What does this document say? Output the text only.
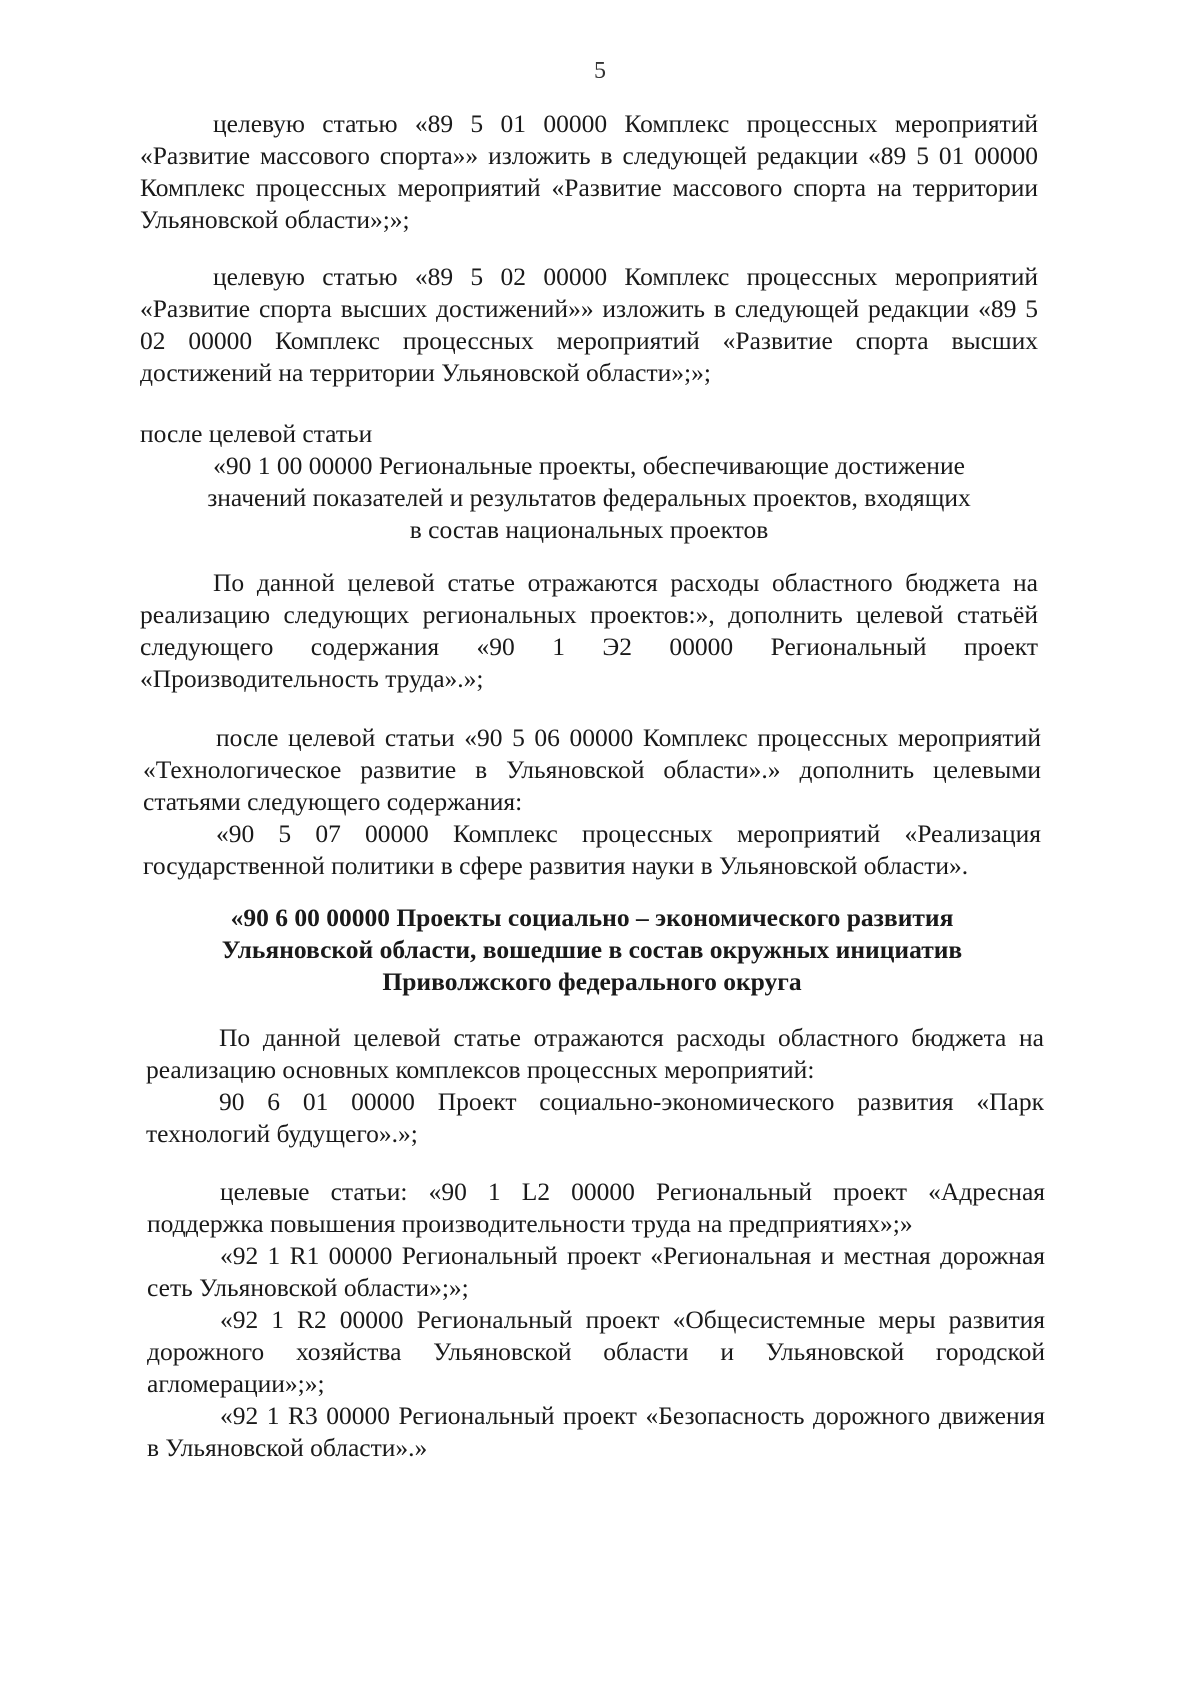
5

целевую статью «89 5 01 00000 Комплекс процессных мероприятий «Развитие массового спорта»» изложить в следующей редакции «89 5 01 00000 Комплекс процессных мероприятий «Развитие массового спорта на территории Ульяновской области»;»;

целевую статью «89 5 02 00000 Комплекс процессных мероприятий «Развитие спорта высших достижений»» изложить в следующей редакции «89 5 02 00000 Комплекс процессных мероприятий «Развитие спорта высших достижений на территории Ульяновской области»;»;

после целевой статьи

«90 1 00 00000 Региональные проекты, обеспечивающие достижение

значений показателей и результатов федеральных проектов, входящих

в состав национальных проектов

По данной целевой статье отражаются расходы областного бюджета на реализацию следующих региональных проектов:», дополнить целевой статьёй следующего содержания «90 1 Э2 00000 Региональный проект «Производительность труда».»;

после целевой статьи «90 5 06 00000 Комплекс процессных мероприятий «Технологическое развитие в Ульяновской области».» дополнить целевыми статьями следующего содержания:

«90 5 07 00000 Комплекс процессных мероприятий «Реализация государственной политики в сфере развития науки в Ульяновской области».

«90 6 00 00000 Проекты социально – экономического развития

Ульяновской области, вошедшие в состав окружных инициатив

Приволжского федерального округа

По данной целевой статье отражаются расходы областного бюджета на реализацию основных комплексов процессных мероприятий:

90 6 01 00000 Проект социально-экономического развития «Парк технологий будущего».»;

целевые статьи: «90 1 L2 00000 Региональный проект «Адресная поддержка повышения производительности труда на предприятиях»;»

«92 1 R1 00000 Региональный проект «Региональная и местная дорожная сеть Ульяновской области»;»;

«92 1 R2 00000 Региональный проект «Общесистемные меры развития дорожного хозяйства Ульяновской области и Ульяновской городской агломерации»;»;

«92 1 R3 00000 Региональный проект «Безопасность дорожного движения в Ульяновской области».»
